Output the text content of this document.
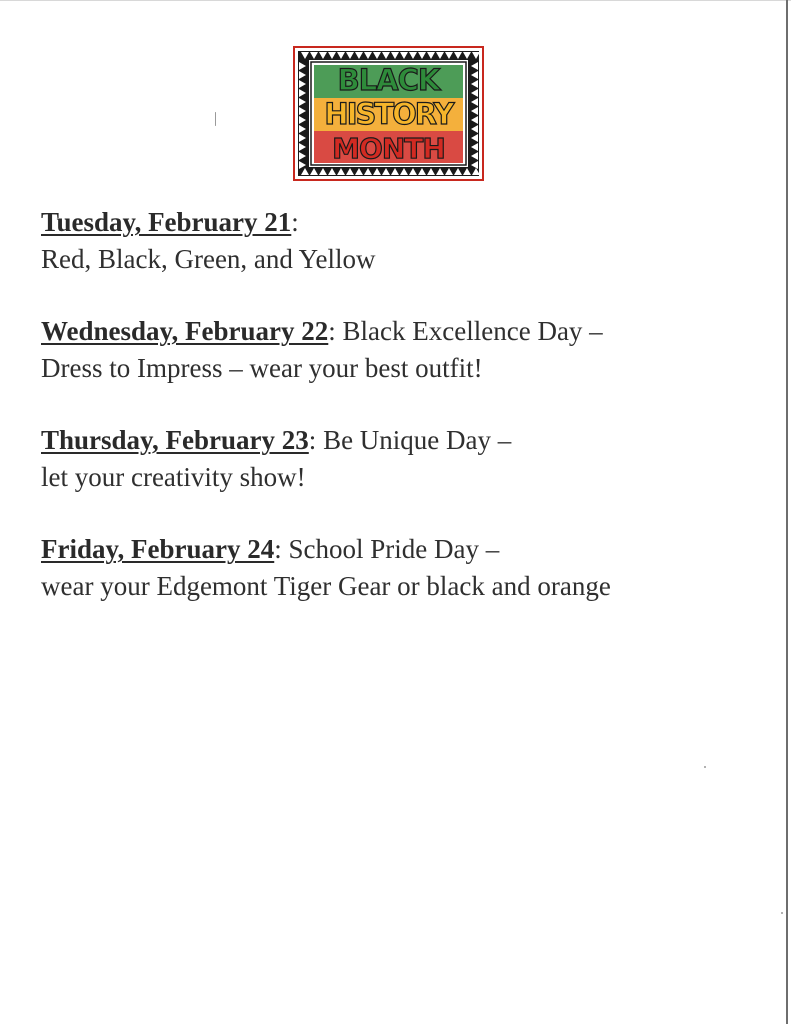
BLACK
HISTORY
MONTH
Tuesday, February 21:
Red, Black, Green, and Yellow
Wednesday, February 22: Black Excellence Day –
Dress to Impress – wear your best outfit!
Thursday, February 23: Be Unique Day –
let your creativity show!
Friday, February 24: School Pride Day –
wear your Edgemont Tiger Gear or black and orange
